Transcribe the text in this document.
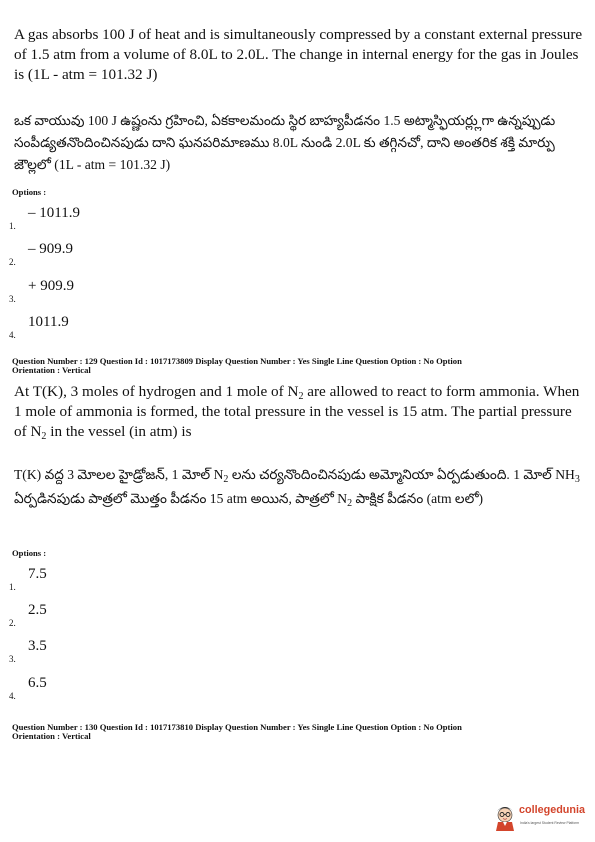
A gas absorbs 100 J of heat and is simultaneously compressed by a constant external pressure of 1.5 atm from a volume of 8.0L to 2.0L. The change in internal energy for the gas in Joules is (1L - atm = 101.32 J)
ఒక వాయువు 100 J ఉష్ణంను గ్రహించి, ఏకకాలమందు స్థిర బాహ్యపీడనం 1.5 అట్మాస్ఫియర్ల్లుగా ఉన్నప్పుడు సంపీడ్యతనొందించినపుడు దాని ఘనపరిమాణము 8.0L నుండి 2.0L కు తగ్గినచో, దాని అంతరిక శక్తి మార్పు జౌల్లలో (1L - atm = 101.32 J)
Options :
1.
– 1011.9
2.
– 909.9
3.
+ 909.9
4.
1011.9
Question Number : 129 Question Id : 1017173809 Display Question Number : Yes Single Line Question Option : No Option
Orientation : Vertical
At T(K), 3 moles of hydrogen and 1 mole of $N_2$ are allowed to react to form ammonia. When 1 mole of ammonia is formed, the total pressure in the vessel is 15 atm. The partial pressure of $N_2$ in the vessel (in atm) is
T(K) వద్ద 3 మోలల హైడ్రోజన్, 1 మోల్ $N_2$ లను చర్యనొందించినపుడు అమ్మోనియా ఏర్పడుతుంది. 1 మోల్ $NH_3$ ఏర్పడినపుడు పాత్రలో మొత్తం పీడనం 15 atm అయిన, పాత్రలో $N_2$ పాక్షిక పీడనం (atm లలో)
Options :
1.
7.5
2.
2.5
3.
3.5
4.
6.5
Question Number : 130 Question Id : 1017173810 Display Question Number : Yes Single Line Question Option : No Option
Orientation : Vertical
collegedunia
India's largest Student Review Platform
